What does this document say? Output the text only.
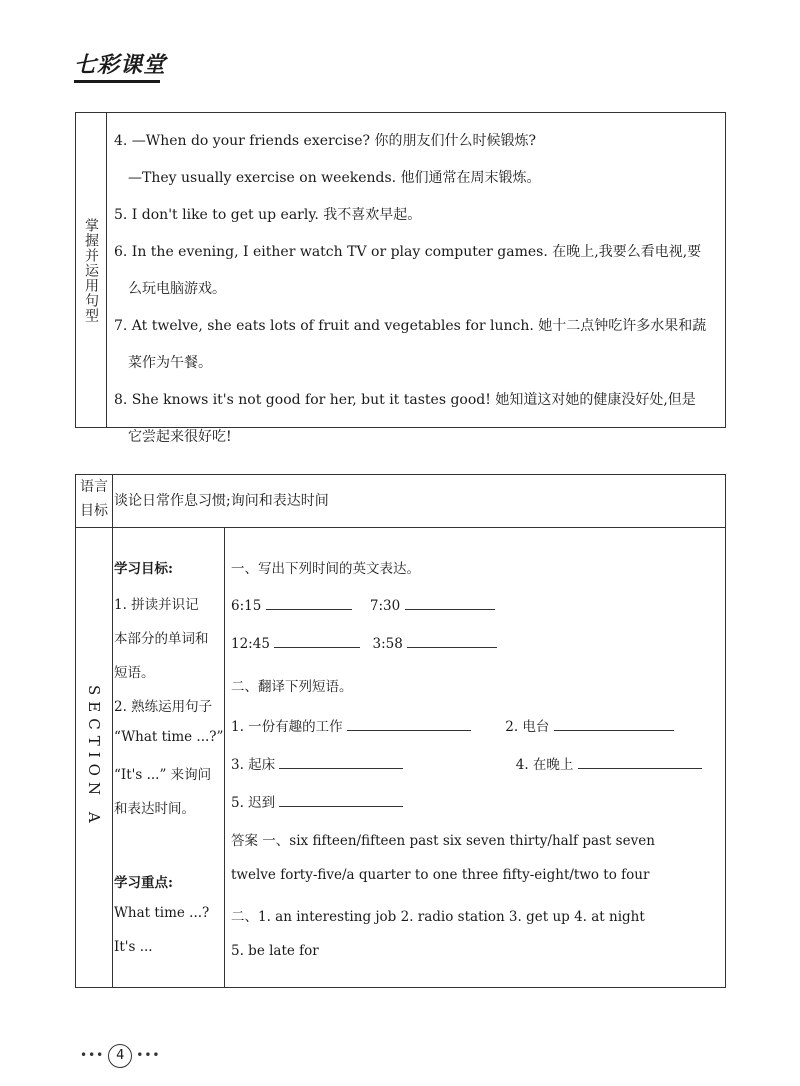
七彩课堂
掌握并运用句型
4. —When do your friends exercise? 你的朋友们什么时候锻炼?
—They usually exercise on weekends. 他们通常在周末锻炼。
5. I don't like to get up early. 我不喜欢早起。
6. In the evening, I either watch TV or play computer games. 在晚上,我要么看电视,要
么玩电脑游戏。
7. At twelve, she eats lots of fruit and vegetables for lunch. 她十二点钟吃许多水果和蔬
菜作为午餐。
8. She knows it's not good for her, but it tastes good! 她知道这对她的健康没好处,但是
它尝起来很好吃!
语言
目标
谈论日常作息习惯;询问和表达时间
SECTION A
学习目标:
1. 拼读并识记
本部分的单词和
短语。
2. 熟练运用句子
“What time ...?”
“It's ...” 来询问
和表达时间。
学习重点:
What time ...?
It's ...
一、写出下列时间的英文表达。
6:15	7:30
12:45	3:58
二、翻译下列短语。
1. 一份有趣的工作	2. 电台
3. 起床	4. 在晚上
5. 迟到
答案 一、six fifteen/fifteen past six seven thirty/half past seven
twelve forty-five/a quarter to one three fifty-eight/two to four
二、1. an interesting job 2. radio station 3. get up 4. at night
5. be late for
••• 4 •••
